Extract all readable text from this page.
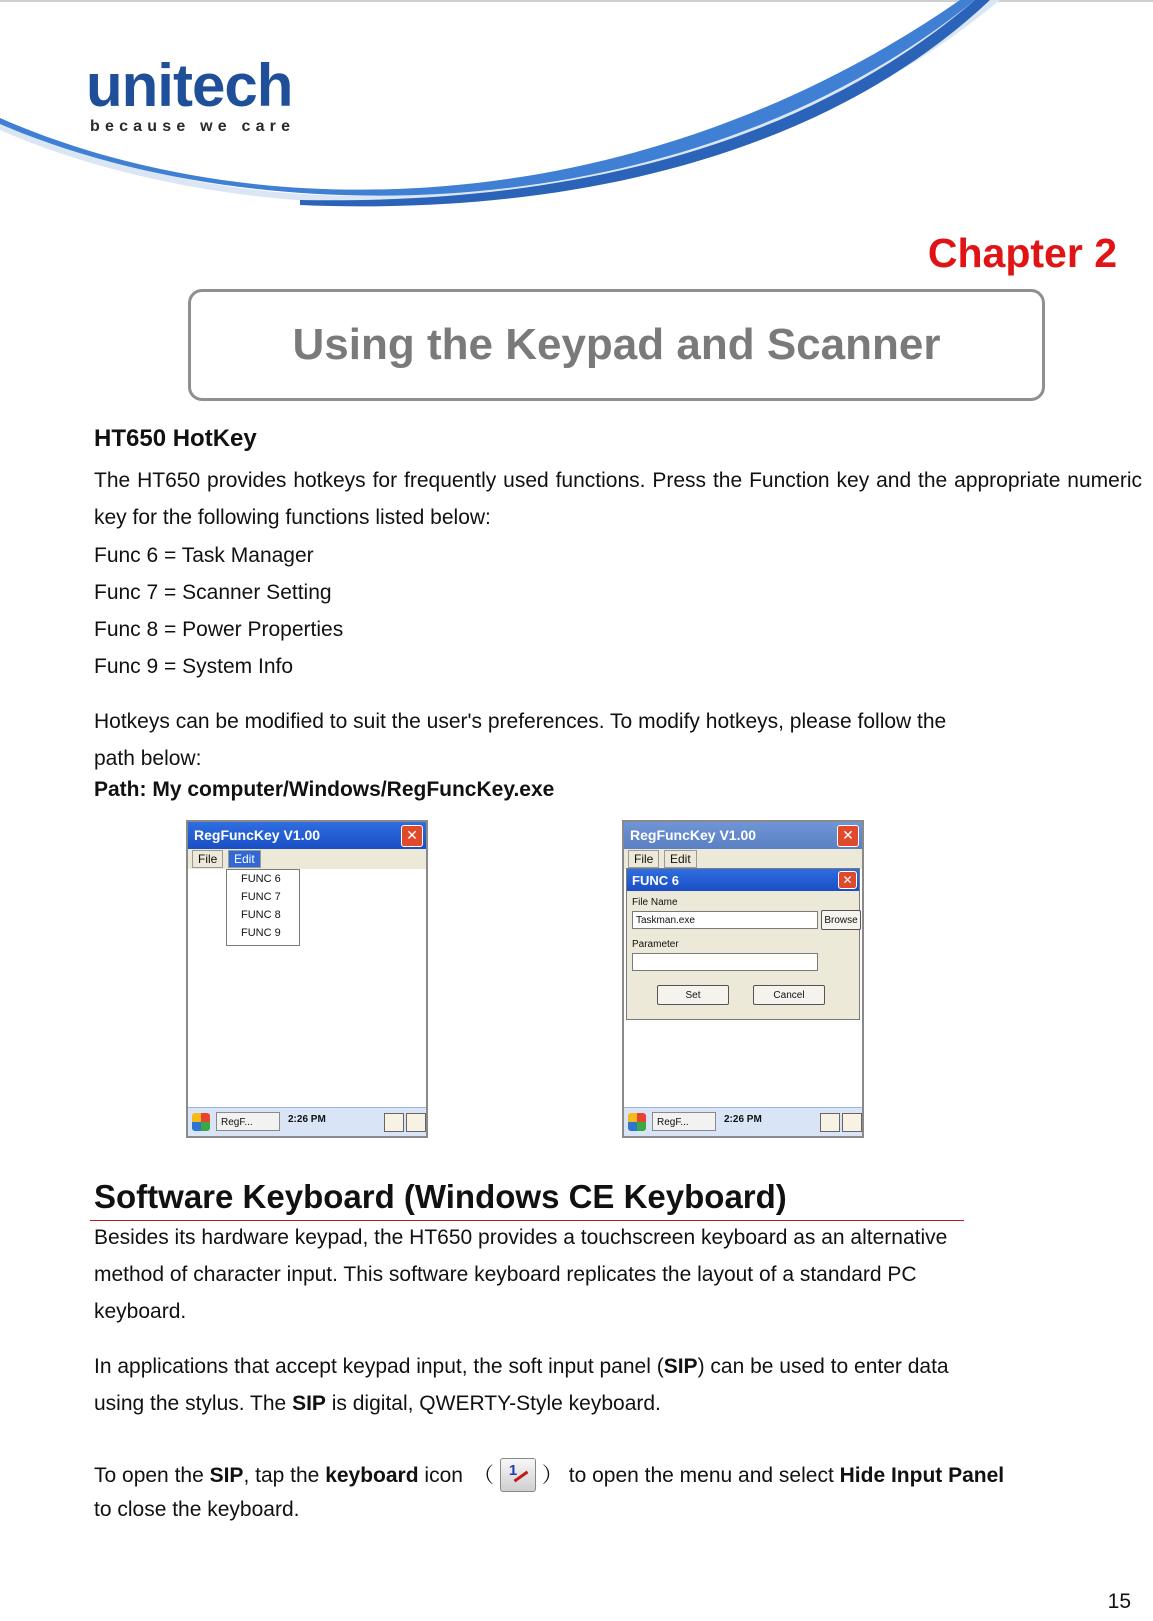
unitech
because we care
Chapter 2
Using the Keypad and Scanner
HT650 HotKey
The HT650 provides hotkeys for frequently used functions. Press the Function key and the appropriate numeric key for the following functions listed below:
Func 6 = Task Manager
Func 7 = Scanner Setting
Func 8 = Power Properties
Func 9 = System Info
Hotkeys can be modified to suit the user's preferences. To modify hotkeys, please follow the
path below:
Path: My computer/Windows/RegFuncKey.exe
RegFuncKey V1.00	✕
File	Edit
FUNC 6
FUNC 7
FUNC 8
FUNC 9
RegF...	2:26 PM
RegFuncKey V1.00	✕
File	Edit
FUNC 6	✕
File Name
Taskman.exe	Browse
Parameter
Set	Cancel
RegF...	2:26 PM
Software Keyboard (Windows CE Keyboard)
Besides its hardware keypad, the HT650 provides a touchscreen keyboard as an alternative
method of character input. This software keyboard replicates the layout of a standard PC
keyboard.
In applications that accept keypad input, the soft input panel (SIP) can be used to enter data
using the stylus. The SIP is digital, QWERTY-Style keyboard.
To open the SIP, tap the keyboard icon （ 1 ） to open the menu and select Hide Input Panel
to close the keyboard.
15
